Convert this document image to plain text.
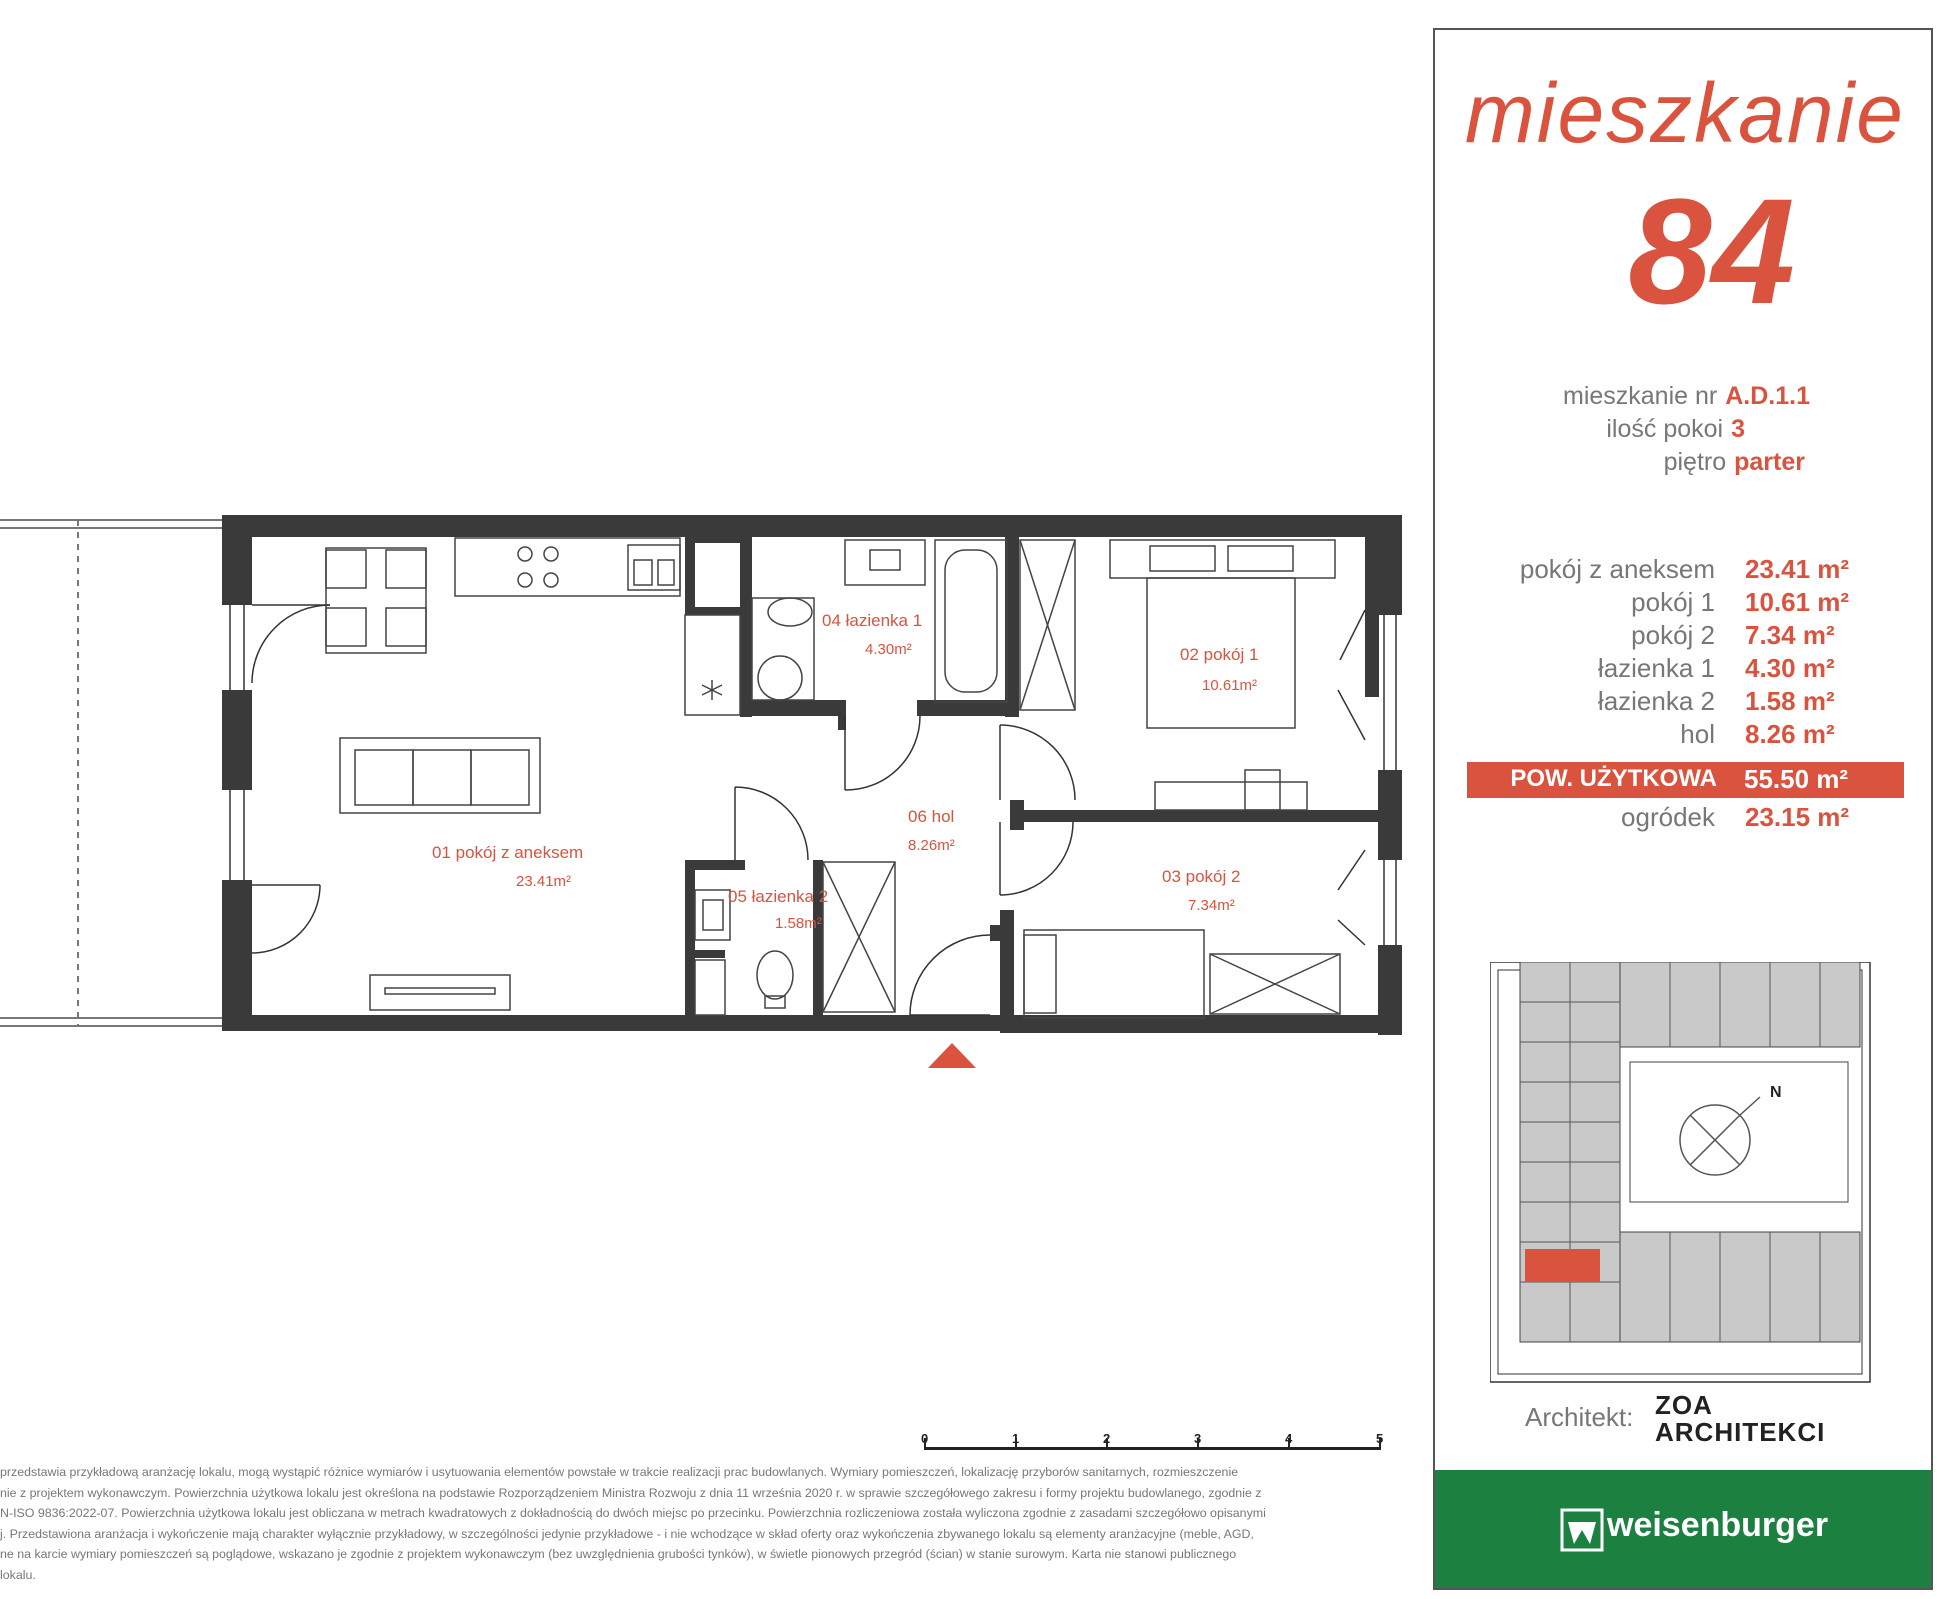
01 pokój z aneksem
23.41m²
02 pokój 1
10.61m²
03 pokój 2
7.34m²
04 łazienka 1
4.30m²
05 łazienka 2
1.58m²
06 hol
8.26m²
0	1	2	3	4	5
przedstawia przykładową aranżację lokalu, mogą wystąpić różnice wymiarów i usytuowania elementów powstałe w trakcie realizacji prac budowlanych. Wymiary pomieszczeń, lokalizację przyborów sanitarnych, rozmieszczenie
nie z projektem wykonawczym. Powierzchnia użytkowa lokalu jest określona na podstawie Rozporządzeniem Ministra Rozwoju z dnia 11 września 2020 r. w sprawie szczegółowego zakresu i formy projektu budowlanego, zgodnie z
N-ISO 9836:2022-07. Powierzchnia użytkowa lokalu jest obliczana w metrach kwadratowych z dokładnością do dwóch miejsc po przecinku. Powierzchnia rozliczeniowa została wyliczona zgodnie z zasadami szczegółowo opisanymi
j. Przedstawiona aranżacja i wykończenie mają charakter wyłącznie przykładowy, w szczególności jedynie przykładowe - i nie wchodzące w skład oferty oraz wykończenia zbywanego lokalu są elementy aranżacyjne (meble, AGD,
ne na karcie wymiary pomieszczeń są poglądowe, wskazano je zgodnie z projektem wykonawczym (bez uwzględnienia grubości tynków), w świetle pionowych przegród (ścian) w stanie surowym. Karta nie stanowi publicznego
lokalu.
mieszkanie
84
mieszkanie nr A.D.1.1
ilość pokoi 3
piętro parter
pokój z aneksem 23.41 m²
pokój 1 10.61 m²
pokój 2 7.34 m²
łazienka 1 4.30 m²
łazienka 2 1.58 m²
hol 8.26 m²
POW. UŻYTKOWA 55.50 m²
ogródek 23.15 m²
N
Architekt: ZOA
ARCHITEKCI
weisenburger
